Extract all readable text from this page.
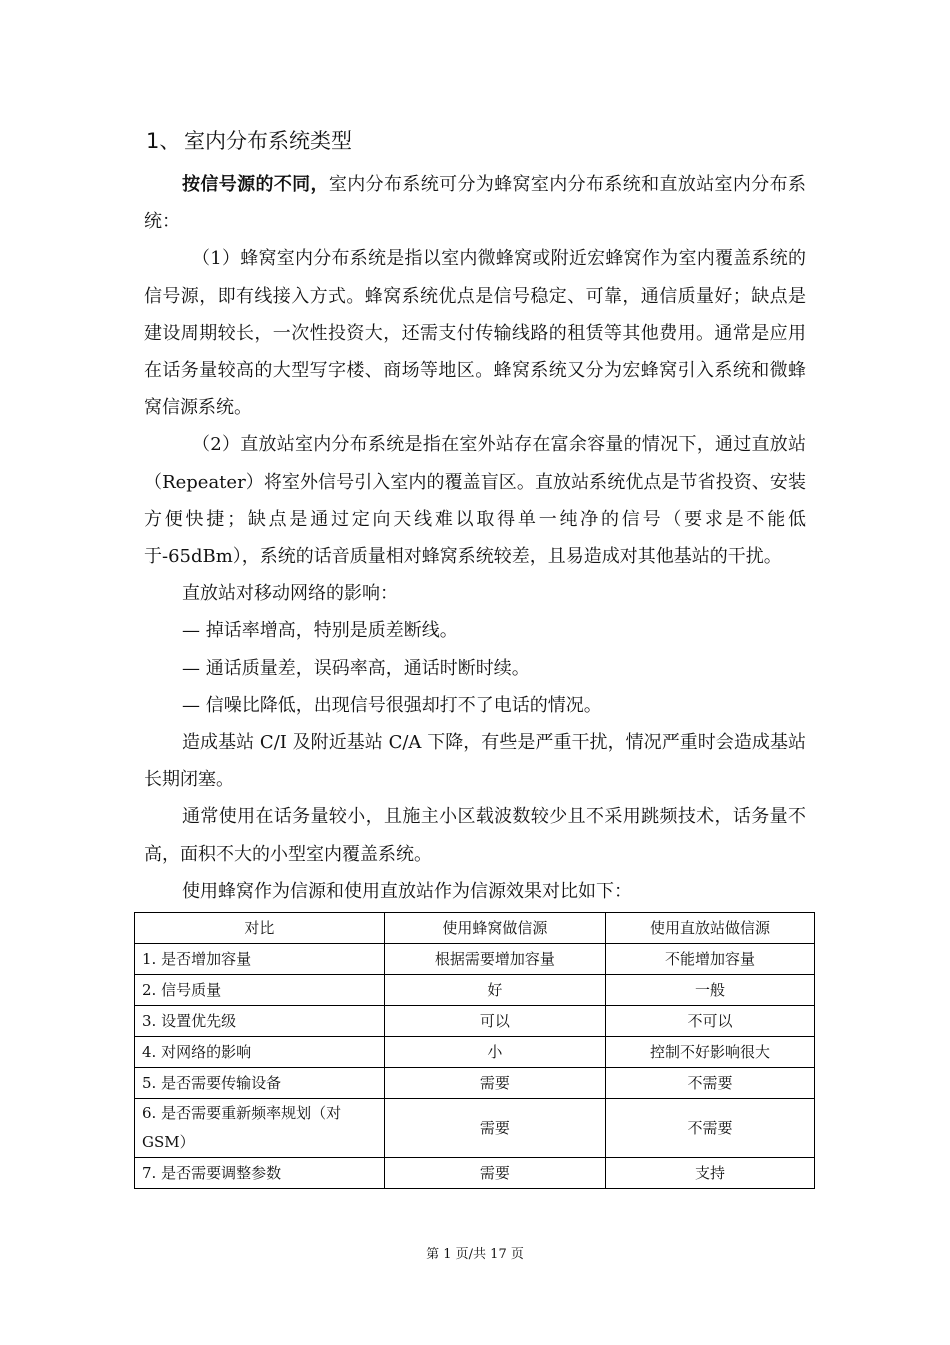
1、 室内分布系统类型

按信号源的不同，室内分布系统可分为蜂窝室内分布系统和直放站室内分布系统：

（1）蜂窝室内分布系统是指以室内微蜂窝或附近宏蜂窝作为室内覆盖系统的信号源，即有线接入方式。蜂窝系统优点是信号稳定、可靠，通信质量好；缺点是建设周期较长，一次性投资大，还需支付传输线路的租赁等其他费用。通常是应用在话务量较高的大型写字楼、商场等地区。蜂窝系统又分为宏蜂窝引入系统和微蜂窝信源系统。

（2）直放站室内分布系统是指在室外站存在富余容量的情况下，通过直放站（Repeater）将室外信号引入室内的覆盖盲区。直放站系统优点是节省投资、安装方便快捷；缺点是通过定向天线难以取得单一纯净的信号（要求是不能低于-65dBm），系统的话音质量相对蜂窝系统较差，且易造成对其他基站的干扰。

直放站对移动网络的影响：

— 掉话率增高，特别是质差断线。

— 通话质量差，误码率高，通话时断时续。

— 信噪比降低，出现信号很强却打不了电话的情况。

造成基站 C/I 及附近基站 C/A 下降，有些是严重干扰，情况严重时会造成基站长期闭塞。

通常使用在话务量较小，且施主小区载波数较少且不采用跳频技术，话务量不高，面积不大的小型室内覆盖系统。

使用蜂窝作为信源和使用直放站作为信源效果对比如下：

对比	使用蜂窝做信源	使用直放站做信源
1. 是否增加容量	根据需要增加容量	不能增加容量
2. 信号质量	好	一般
3. 设置优先级	可以	不可以
4. 对网络的影响	小	控制不好影响很大
5. 是否需要传输设备	需要	不需要
6. 是否需要重新频率规划（对 GSM）	需要	不需要
7. 是否需要调整参数	需要	支持
第 1 页/共 17 页
